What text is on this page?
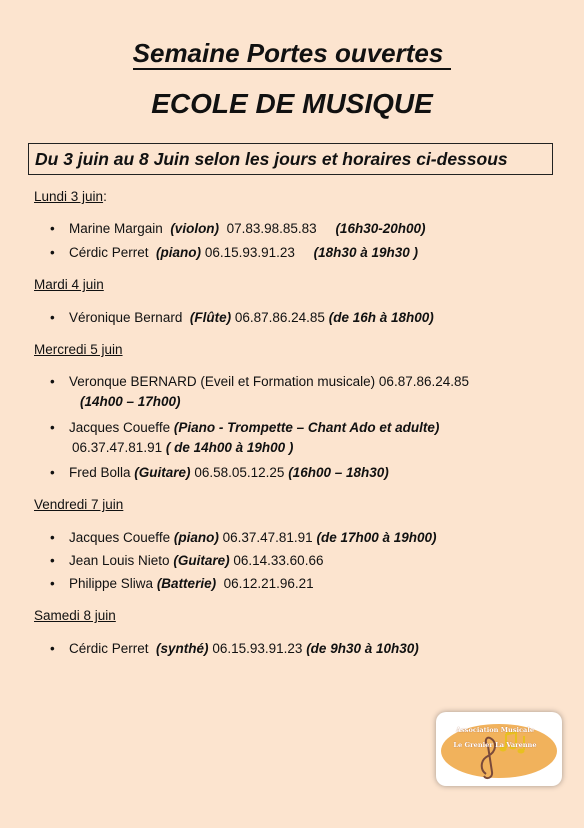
Semaine Portes ouvertes
ECOLE DE MUSIQUE
Du 3 juin au 8 Juin selon les jours et horaires ci-dessous
Lundi 3 juin:
• Marine Margain (violon) 07.83.98.85.83 (16h30-20h00)
• Cérdic Perret (piano) 06.15.93.91.23 (18h30 à 19h30 )
Mardi 4 juin
• Véronique Bernard (Flûte) 06.87.86.24.85 (de 16h à 18h00)
Mercredi 5 juin
• Veronque BERNARD (Eveil et Formation musicale) 06.87.86.24.85
(14h00 – 17h00)
• Jacques Coueffe (Piano - Trompette – Chant Ado et adulte)
06.37.47.81.91 ( de 14h00 à 19h00 )
• Fred Bolla (Guitare) 06.58.05.12.25 (16h00 – 18h30)
Vendredi 7 juin
• Jacques Coueffe (piano) 06.37.47.81.91 (de 17h00 à 19h00)
• Jean Louis Nieto (Guitare) 06.14.33.60.66
• Philippe Sliwa (Batterie) 06.12.21.96.21
Samedi 8 juin
• Cérdic Perret (synthé) 06.15.93.91.23 (de 9h30 à 10h30)
Association Musicale
Le Grenier La Varenne
